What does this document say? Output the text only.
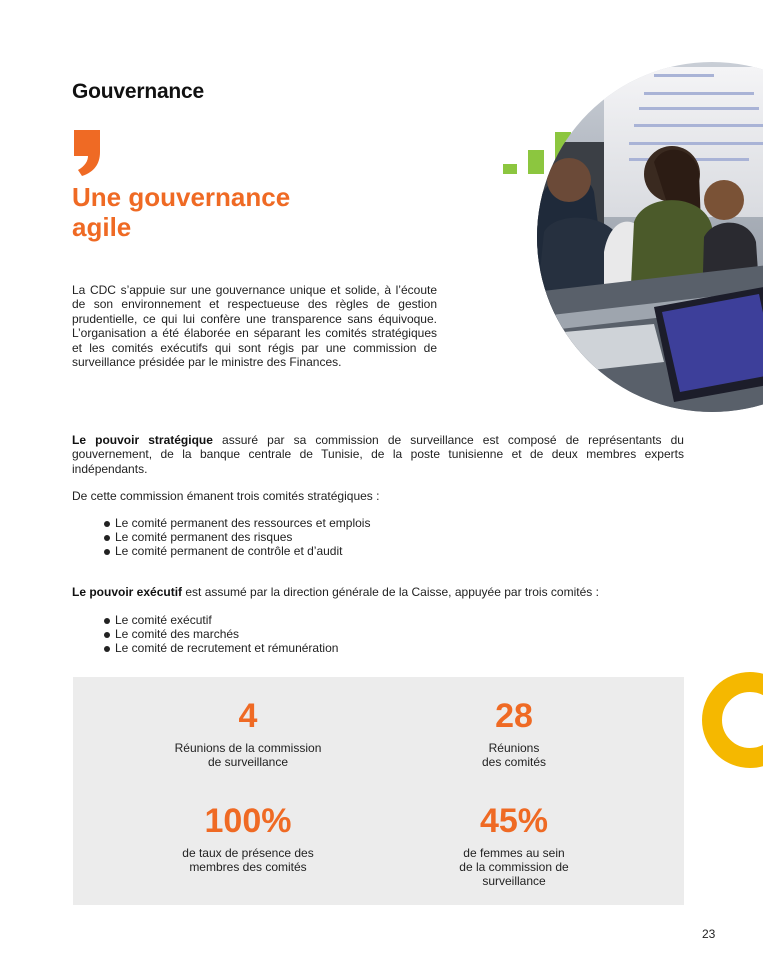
Gouvernance
Une gouvernance
agile
La CDC s’appuie sur une gouvernance unique et solide, à l’écoute de son environnement et respectueuse des règles de gestion prudentielle, ce qui lui confère une transparence sans équivoque. L’organisation a été élaborée en séparant les comités stratégiques et les comités exécutifs qui sont régis par une commission de surveillance présidée par le ministre des Finances.
Le pouvoir stratégique assuré par sa commission de surveillance est composé de représentants du gouvernement, de la banque centrale de Tunisie, de la poste tunisienne et de deux membres experts indépendants.
De cette commission émanent trois comités stratégiques :
Le comité permanent des ressources et emplois
Le comité permanent des risques
Le comité permanent de contrôle et d’audit
Le pouvoir exécutif est assumé par la direction générale de la Caisse, appuyée par trois comités :
Le comité exécutif
Le comité des marchés
Le comité de recrutement et rémunération
4
Réunions de la commission
de surveillance
28
Réunions
des comités
100%
de taux de présence des
membres des comités
45%
de femmes au sein
de la commission de
surveillance
23
